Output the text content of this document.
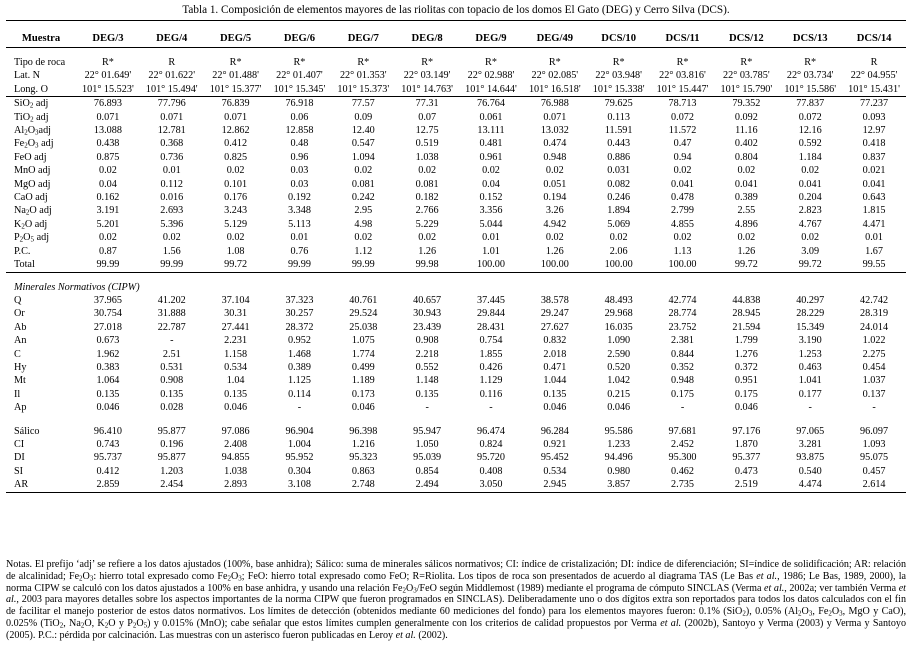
Tabla 1. Composición de elementos mayores de las riolitas con topacio de los domos El Gato (DEG) y Cerro Silva (DCS).
Muestra	DEG/3	DEG/4	DEG/5	DEG/6	DEG/7	DEG/8	DEG/9	DEG/49	DCS/10	DCS/11	DCS/12	DCS/13	DCS/14

Tipo de roca	R*	R	R*	R*	R*	R*	R*	R*	R*	R*	R*	R*	R
Lat. N	22° 01.649'	22° 01.622'	22° 01.488'	22° 01.407'	22° 01.353'	22° 03.149'	22° 02.988'	22° 02.085'	22° 03.948'	22° 03.816'	22° 03.785'	22° 03.734'	22° 04.955'
Long. O	101° 15.523'	101° 15.494'	101° 15.377'	101° 15.345'	101° 15.373'	101° 14.763'	101° 14.644'	101° 16.518'	101° 15.338'	101° 15.447'	101° 15.790'	101° 15.586'	101° 15.431'
SiO$_2$ adj	76.893	77.796	76.839	76.918	77.57	77.31	76.764	76.988	79.625	78.713	79.352	77.837	77.237
TiO$_2$ adj	0.071	0.071	0.071	0.06	0.09	0.07	0.061	0.071	0.113	0.072	0.092	0.072	0.093
$Al_2O_3adj$	13.088	12.781	12.862	12.858	12.40	12.75	13.111	13.032	11.591	11.572	11.16	12.16	12.97
$Fe_2O_3$ adj	0.438	0.368	0.412	0.48	0.547	0.519	0.481	0.474	0.443	0.47	0.402	0.592	0.418
FeO adj	0.875	0.736	0.825	0.96	1.094	1.038	0.961	0.948	0.886	0.94	0.804	1.184	0.837
MnO adj	0.02	0.01	0.02	0.03	0.02	0.02	0.02	0.02	0.031	0.02	0.02	0.02	0.021
MgO adj	0.04	0.112	0.101	0.03	0.081	0.081	0.04	0.051	0.082	0.041	0.041	0.041	0.041
CaO adj	0.162	0.016	0.176	0.192	0.242	0.182	0.152	0.194	0.246	0.478	0.389	0.204	0.643
$Na_2O$ adj	3.191	2.693	3.243	3.348	2.95	2.766	3.356	3.26	1.894	2.799	2.55	2.823	1.815
$K_2O$ adj	5.201	5.396	5.129	5.113	4.98	5.229	5.044	4.942	5.069	4.855	4.896	4.767	4.471
$P_2O_5$ adj	0.02	0.02	0.02	0.01	0.02	0.02	0.01	0.02	0.02	0.02	0.02	0.02	0.01
P.C.	0.87	1.56	1.08	0.76	1.12	1.26	1.01	1.26	2.06	1.13	1.26	3.09	1.67
Total	99.99	99.99	99.72	99.99	99.99	99.98	100.00	100.00	100.00	100.00	99.72	99.72	99.55

Minerales Normativos (CIPW)													
Q	37.965	41.202	37.104	37.323	40.761	40.657	37.445	38.578	48.493	42.774	44.838	40.297	42.742
Or	30.754	31.888	30.31	30.257	29.524	30.943	29.844	29.247	29.968	28.774	28.945	28.229	28.319
Ab	27.018	22.787	27.441	28.372	25.038	23.439	28.431	27.627	16.035	23.752	21.594	15.349	24.014
An	0.673	-	2.231	0.952	1.075	0.908	0.754	0.832	1.090	2.381	1.799	3.190	1.022
C	1.962	2.51	1.158	1.468	1.774	2.218	1.855	2.018	2.590	0.844	1.276	1.253	2.275
Hy	0.383	0.531	0.534	0.389	0.499	0.552	0.426	0.471	0.520	0.352	0.372	0.463	0.454
Mt	1.064	0.908	1.04	1.125	1.189	1.148	1.129	1.044	1.042	0.948	0.951	1.041	1.037
Il	0.135	0.135	0.135	0.114	0.173	0.135	0.116	0.135	0.215	0.175	0.175	0.177	0.137
Ap	0.046	0.028	0.046	-	0.046	-	-	0.046	0.046	-	0.046	-	-

Sálico	96.410	95.877	97.086	96.904	96.398	95.947	96.474	96.284	95.586	97.681	97.176	97.065	96.097
CI	0.743	0.196	2.408	1.004	1.216	1.050	0.824	0.921	1.233	2.452	1.870	3.281	1.093
DI	95.737	95.877	94.855	95.952	95.323	95.039	95.720	95.452	94.496	95.300	95.377	93.875	95.075
SI	0.412	1.203	1.038	0.304	0.863	0.854	0.408	0.534	0.980	0.462	0.473	0.540	0.457
AR	2.859	2.454	2.893	3.108	2.748	2.494	3.050	2.945	3.857	2.735	2.519	4.474	2.614
Notas. El prefijo ‘adj’ se refiere a los datos ajustados (100%, base anhidra); Sálico: suma de minerales sálicos normativos; CI: índice de cristalización; DI: índice de diferenciación; SI=índice de solidificación; AR: relación de alcalinidad; $Fe_2O_3$: hierro total expresado como $Fe_2O_3$; FeO: hierro total expresado como FeO; R=Riolita. Los tipos de roca son presentados de acuerdo al diagrama TAS (Le Bas et al., 1986; Le Bas, 1989, 2000), la norma CIPW se calculó con los datos ajustados a 100% en base anhidra, y usando una relación $Fe_2O_3$/FeO según Middlemost (1989) mediante el programa de cómputo SINCLAS (Verma et al., 2002a; ver también Verma et al., 2003 para mayores detalles sobre los aspectos importantes de la norma CIPW que fueron programados en SINCLAS). Deliberadamente uno o dos dígitos extra son reportados para todos los datos calculados con el fin de facilitar el manejo posterior de estos datos normativos. Los límites de detección (obtenidos mediante 60 mediciones del fondo) para los elementos mayores fueron: 0.1% (SiO$_2$), 0.05% ($Al_2O_3$, $Fe_2O_3$, MgO y CaO), 0.025% (TiO$_2$, $Na_2O$, $K_2O$ y $P_2O_5$) y 0.015% (MnO); cabe señalar que estos límites cumplen generalmente con los criterios de calidad propuestos por Verma et al. (2002b), Santoyo y Verma (2003) y Verma y Santoyo (2005). P.C.: pérdida por calcinación. Las muestras con un asterisco fueron publicadas en Leroy et al. (2002).
